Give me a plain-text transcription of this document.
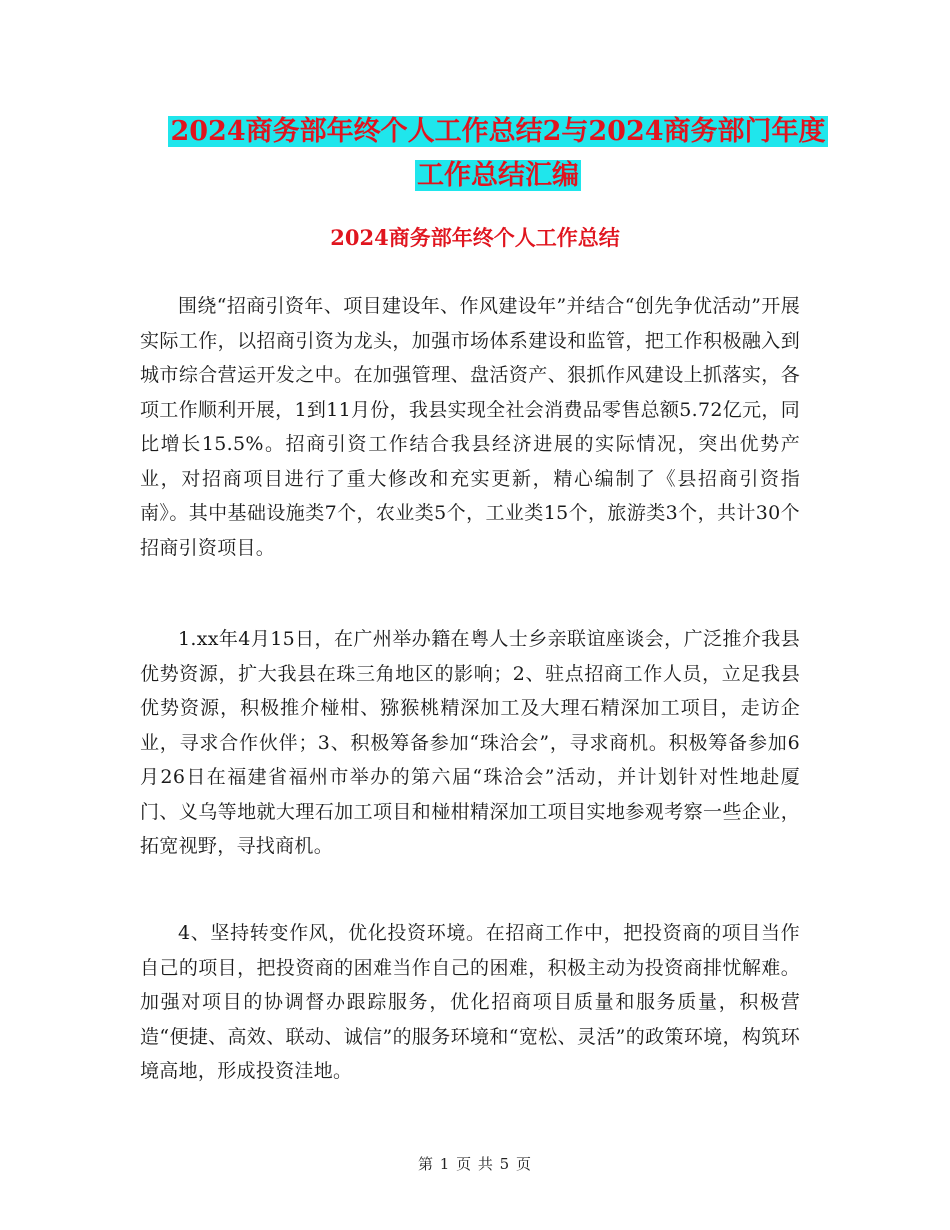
2024商务部年终个人工作总结2与2024商务部门年度
工作总结汇编
2024商务部年终个人工作总结

围绕“招商引资年、项目建设年、作风建设年”并结合“创先争优活动”开展实际工作，以招商引资为龙头，加强市场体系建设和监管，把工作积极融入到城市综合营运开发之中。在加强管理、盘活资产、狠抓作风建设上抓落实，各项工作顺利开展，1到11月份，我县实现全社会消费品零售总额5.72亿元，同比增长15.5%。招商引资工作结合我县经济进展的实际情况，突出优势产业，对招商项目进行了重大修改和充实更新，精心编制了《县招商引资指南》。其中基础设施类7个，农业类5个，工业类15个，旅游类3个，共计30个招商引资项目。

1.xx年4月15日，在广州举办籍在粤人士乡亲联谊座谈会，广泛推介我县优势资源，扩大我县在珠三角地区的影响；2、驻点招商工作人员，立足我县优势资源，积极推介椪柑、猕猴桃精深加工及大理石精深加工项目，走访企业，寻求合作伙伴；3、积极筹备参加“珠洽会”，寻求商机。积极筹备参加6月26日在福建省福州市举办的第六届“珠洽会”活动，并计划针对性地赴厦门、义乌等地就大理石加工项目和椪柑精深加工项目实地参观考察一些企业，拓宽视野，寻找商机。

4、坚持转变作风，优化投资环境。在招商工作中，把投资商的项目当作自己的项目，把投资商的困难当作自己的困难，积极主动为投资商排忧解难。加强对项目的协调督办跟踪服务，优化招商项目质量和服务质量，积极营造“便捷、高效、联动、诚信”的服务环境和“宽松、灵活”的政策环境，构筑环境高地，形成投资洼地。

第 1 页 共 5 页
